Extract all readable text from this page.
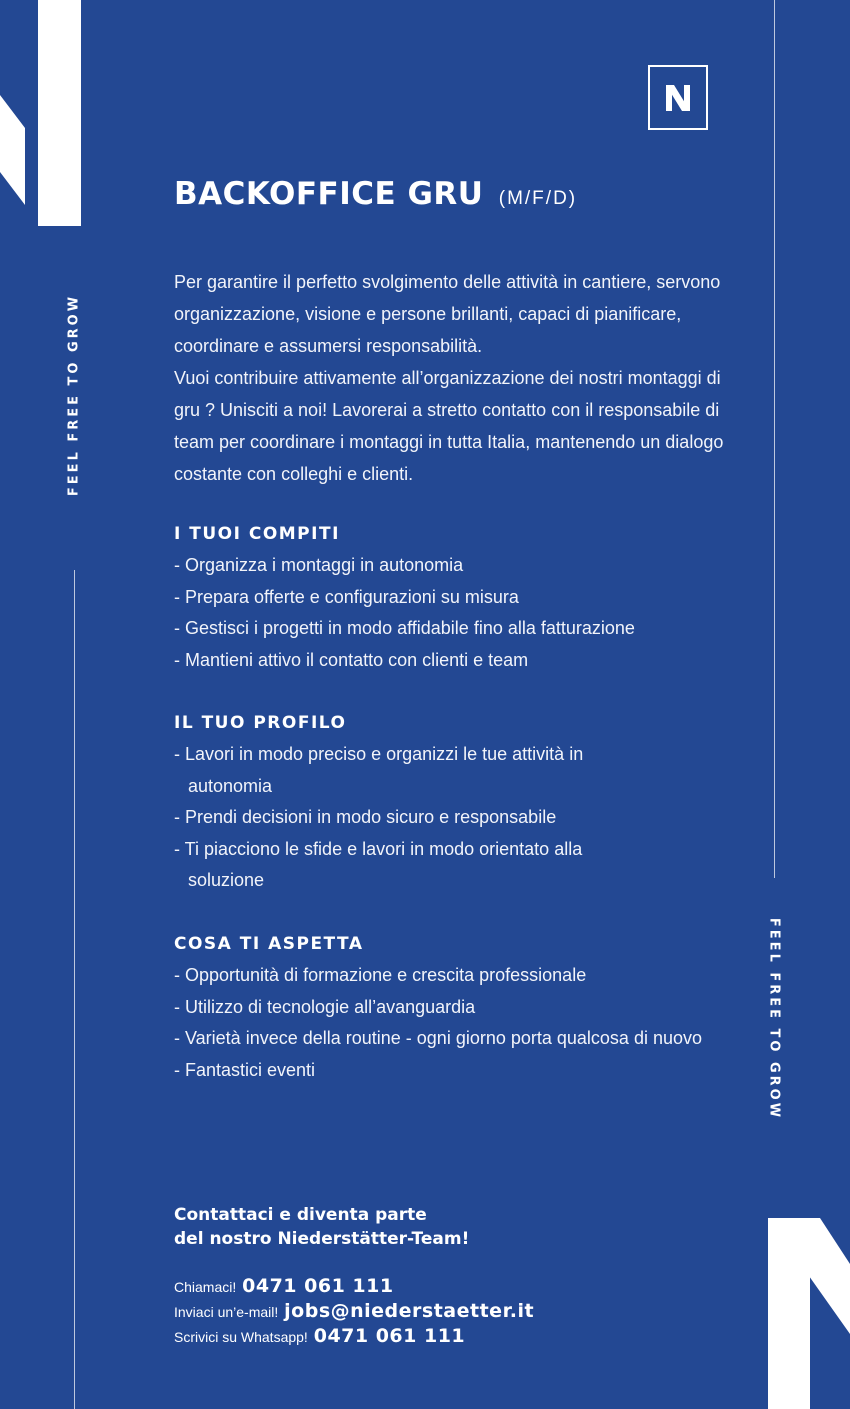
FEEL FREE TO GROW
FEEL FREE TO GROW
BACKOFFICE GRU (M/F/D)

Per garantire il perfetto svolgimento delle attività in cantiere, servono organizzazione, visione e persone brillanti, capaci di pianificare, coordinare e assumersi responsabilità.

Vuoi contribuire attivamente all’organizzazione dei nostri montaggi di gru ? Unisciti a noi! Lavorerai a stretto contatto con il responsabile di team per coordinare i montaggi in tutta Italia, mantenendo un dialogo costante con colleghi e clienti.

I TUOI COMPITI
- Organizza i montaggi in autonomia
- Prepara offerte e configurazioni su misura
- Gestisci i progetti in modo affidabile fino alla fatturazione
- Mantieni attivo il contatto con clienti e team
IL TUO PROFILO
- Lavori in modo preciso e organizzi le tue attività in autonomia
- Prendi decisioni in modo sicuro e responsabile
- Ti piacciono le sfide e lavori in modo orientato alla soluzione
COSA TI ASPETTA
- Opportunità di formazione e crescita professionale
- Utilizzo di tecnologie all’avanguardia
- Varietà invece della routine - ogni giorno porta qualcosa di nuovo
- Fantastici eventi
Contattaci e diventa parte
del nostro Niederstätter-Team!
Chiamaci! 0471 061 111
Inviaci un’e-mail! jobs@niederstaetter.it
Scrivici su Whatsapp! 0471 061 111
